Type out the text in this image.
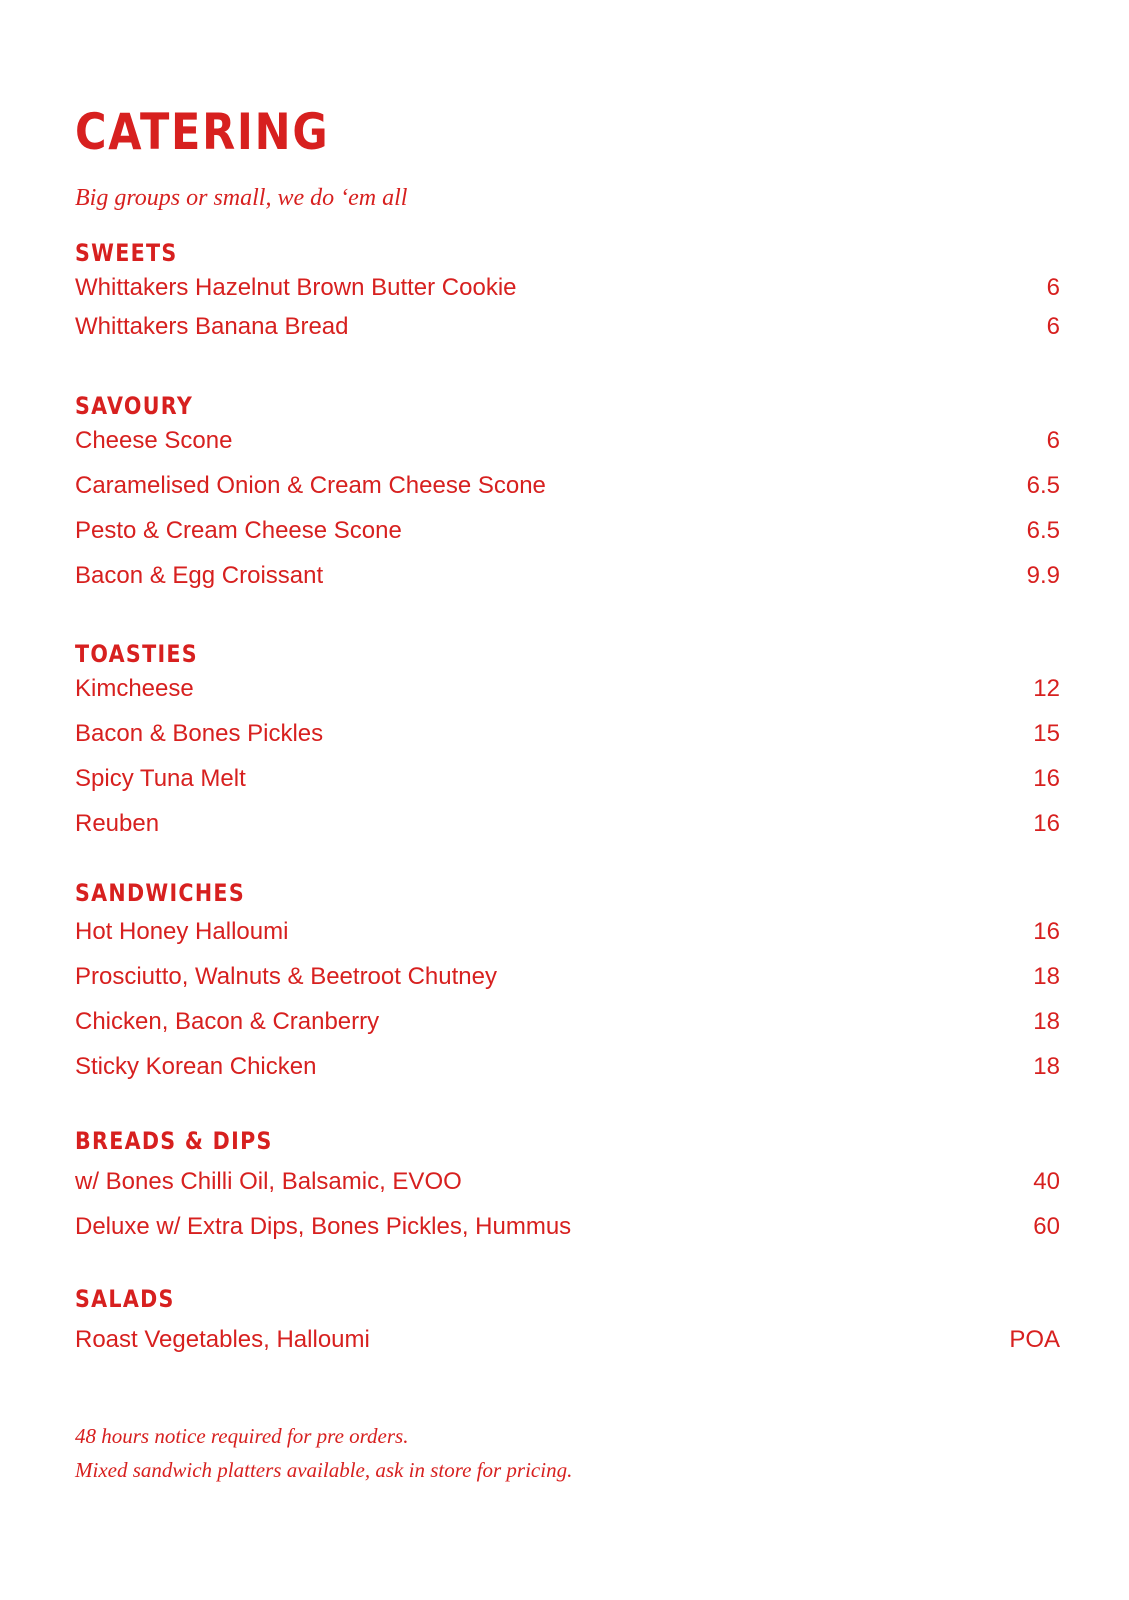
CATERING

Big groups or small, we do ‘em all

SWEETS
Whittakers Hazelnut Brown Butter Cookie	6
Whittakers Banana Bread	6
SAVOURY
Cheese Scone	6
Caramelised Onion & Cream Cheese Scone	6.5
Pesto & Cream Cheese Scone	6.5
Bacon & Egg Croissant	9.9
TOASTIES
Kimcheese	12
Bacon & Bones Pickles	15
Spicy Tuna Melt	16
Reuben	16
SANDWICHES
Hot Honey Halloumi	16
Prosciutto, Walnuts & Beetroot Chutney	18
Chicken, Bacon & Cranberry	18
Sticky Korean Chicken	18
BREADS & DIPS
w/ Bones Chilli Oil, Balsamic, EVOO	40
Deluxe w/ Extra Dips, Bones Pickles, Hummus	60
SALADS
Roast Vegetables, Halloumi	POA
48 hours notice required for pre orders.
Mixed sandwich platters available, ask in store for pricing.
